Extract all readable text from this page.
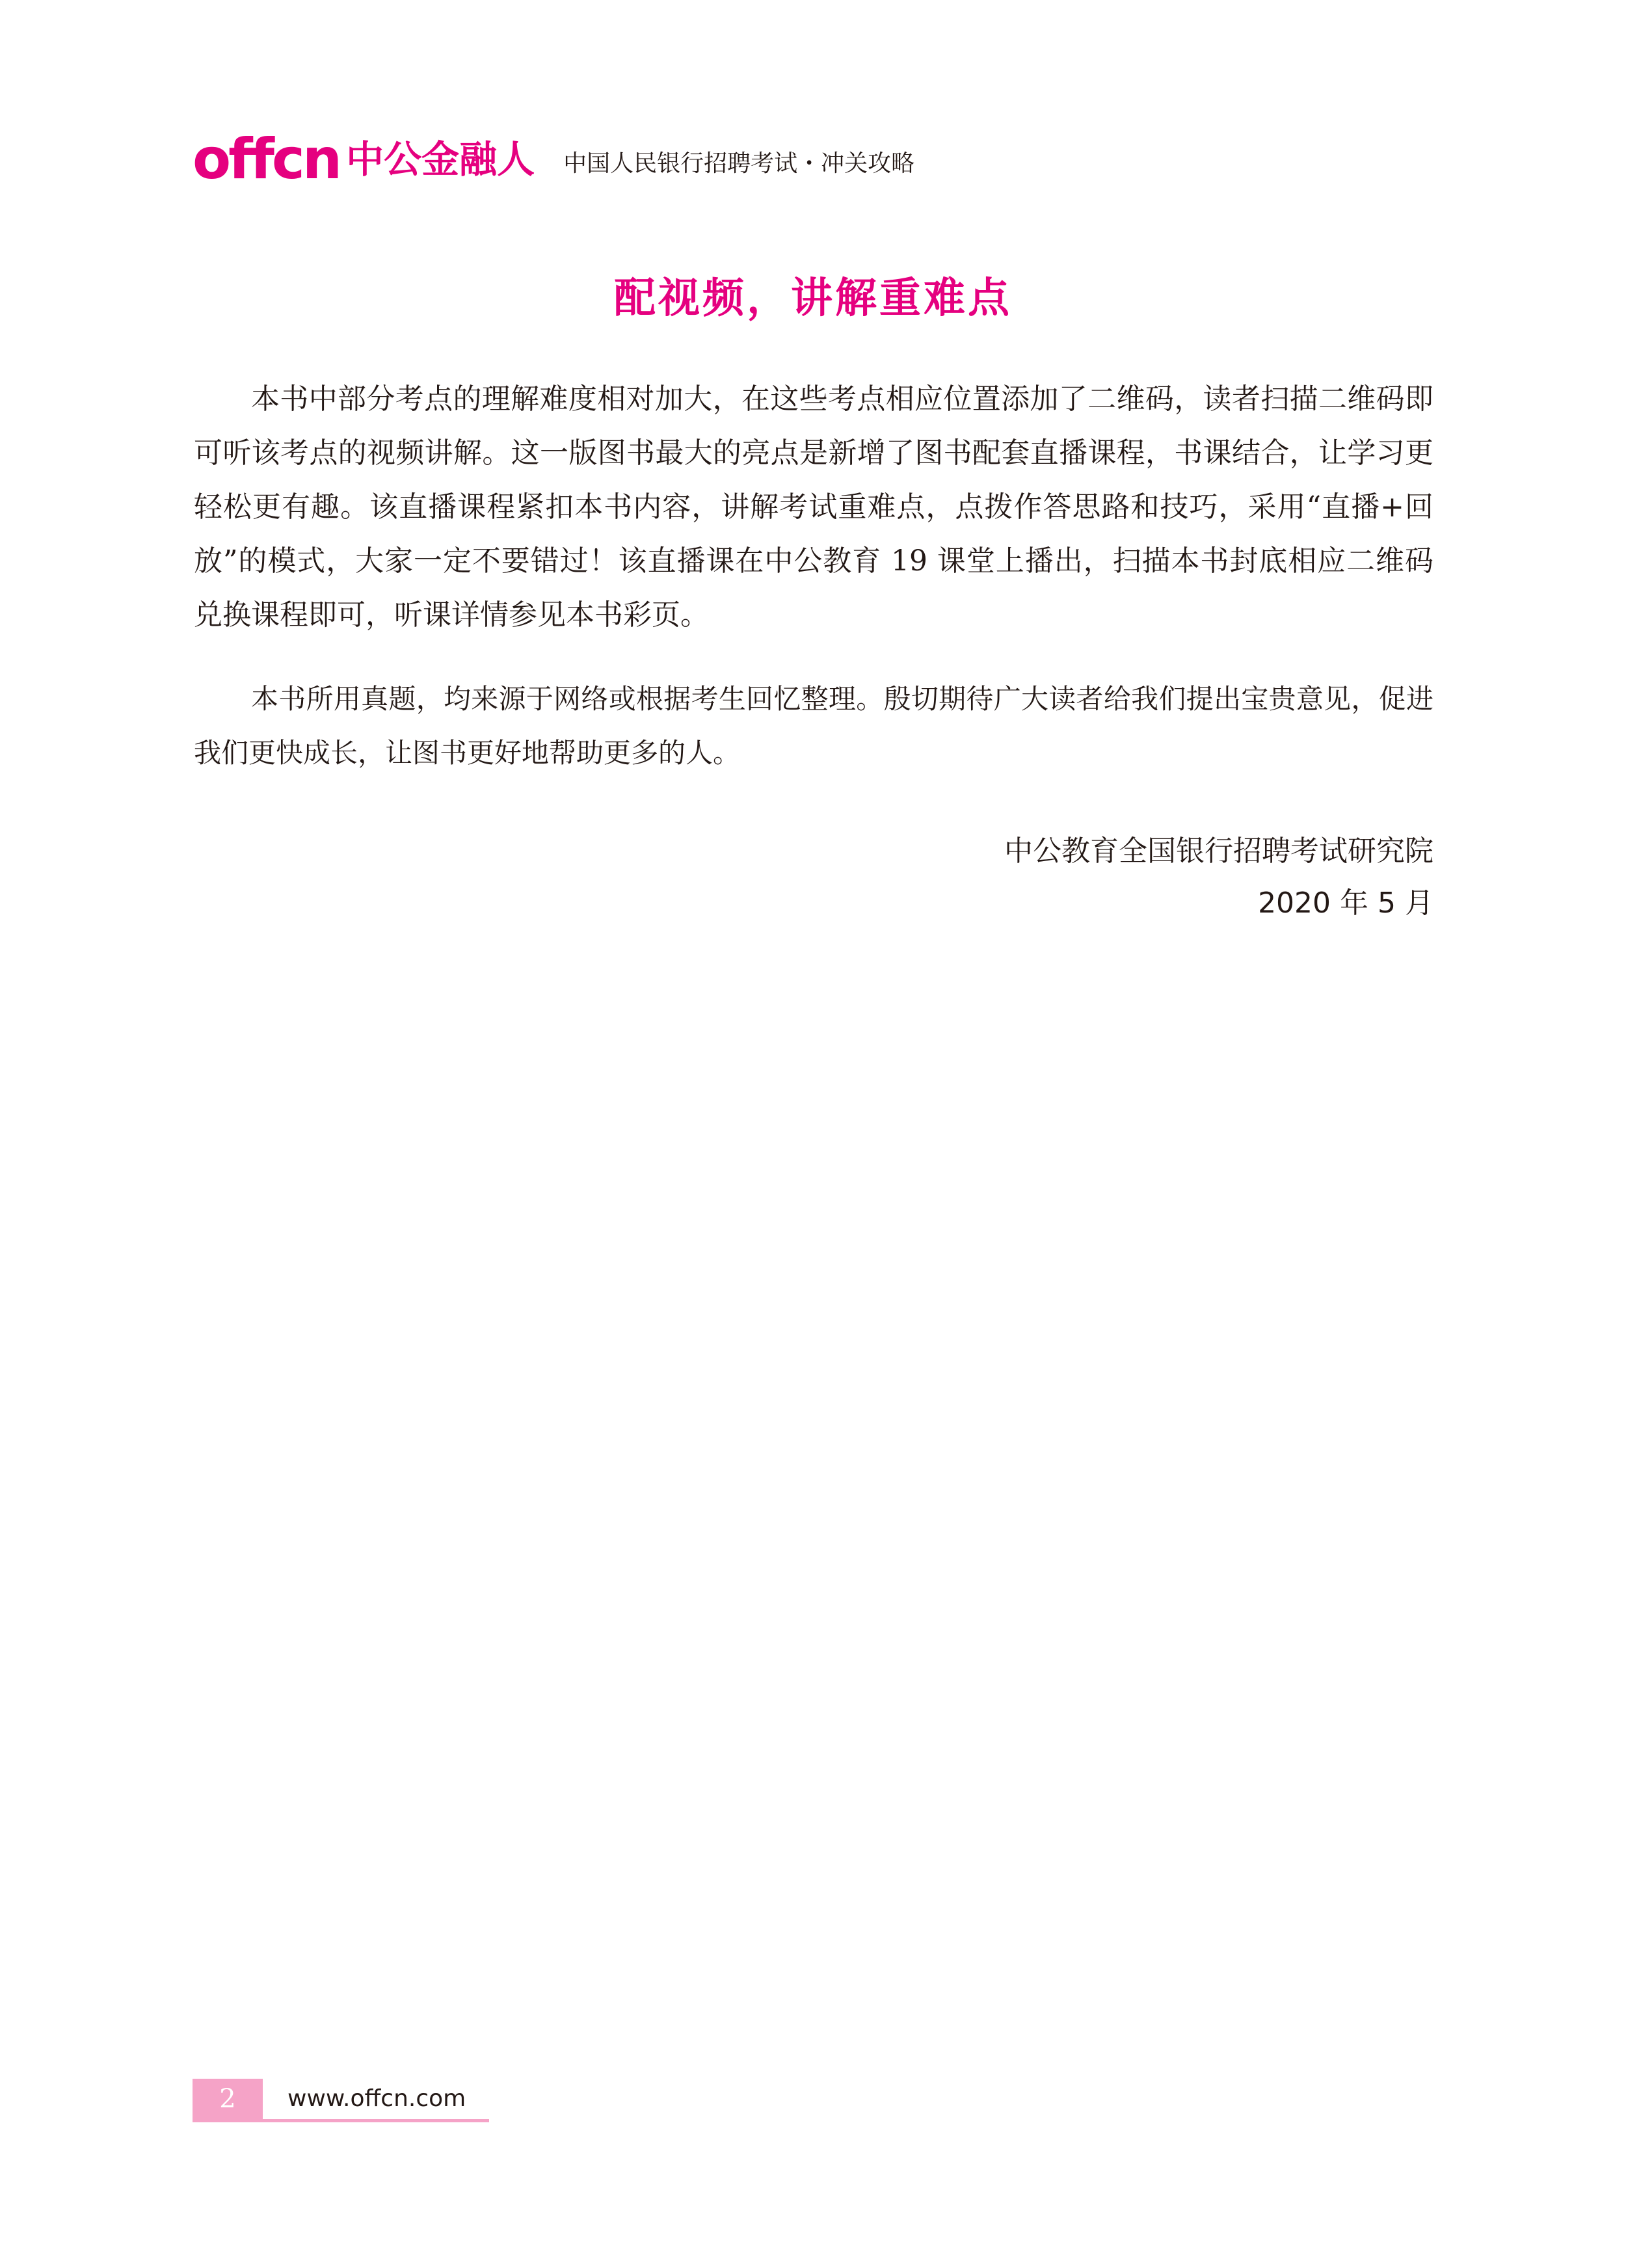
offcn 中公金融人 中国人民银行招聘考试・冲关攻略
配视频，讲解重难点

本书中部分考点的理解难度相对加大，在这些考点相应位置添加了二维码，读者扫描二维码即可听该考点的视频讲解。这一版图书最大的亮点是新增了图书配套直播课程，书课结合，让学习更轻松更有趣。该直播课程紧扣本书内容，讲解考试重难点，点拨作答思路和技巧，采用“直播+回放”的模式，大家一定不要错过！该直播课在中公教育 19 课堂上播出，扫描本书封底相应二维码兑换课程即可，听课详情参见本书彩页。

本书所用真题，均来源于网络或根据考生回忆整理。殷切期待广大读者给我们提出宝贵意见，促进我们更快成长，让图书更好地帮助更多的人。

中公教育全国银行招聘考试研究院
2020 年 5 月
2	www.offcn.com
